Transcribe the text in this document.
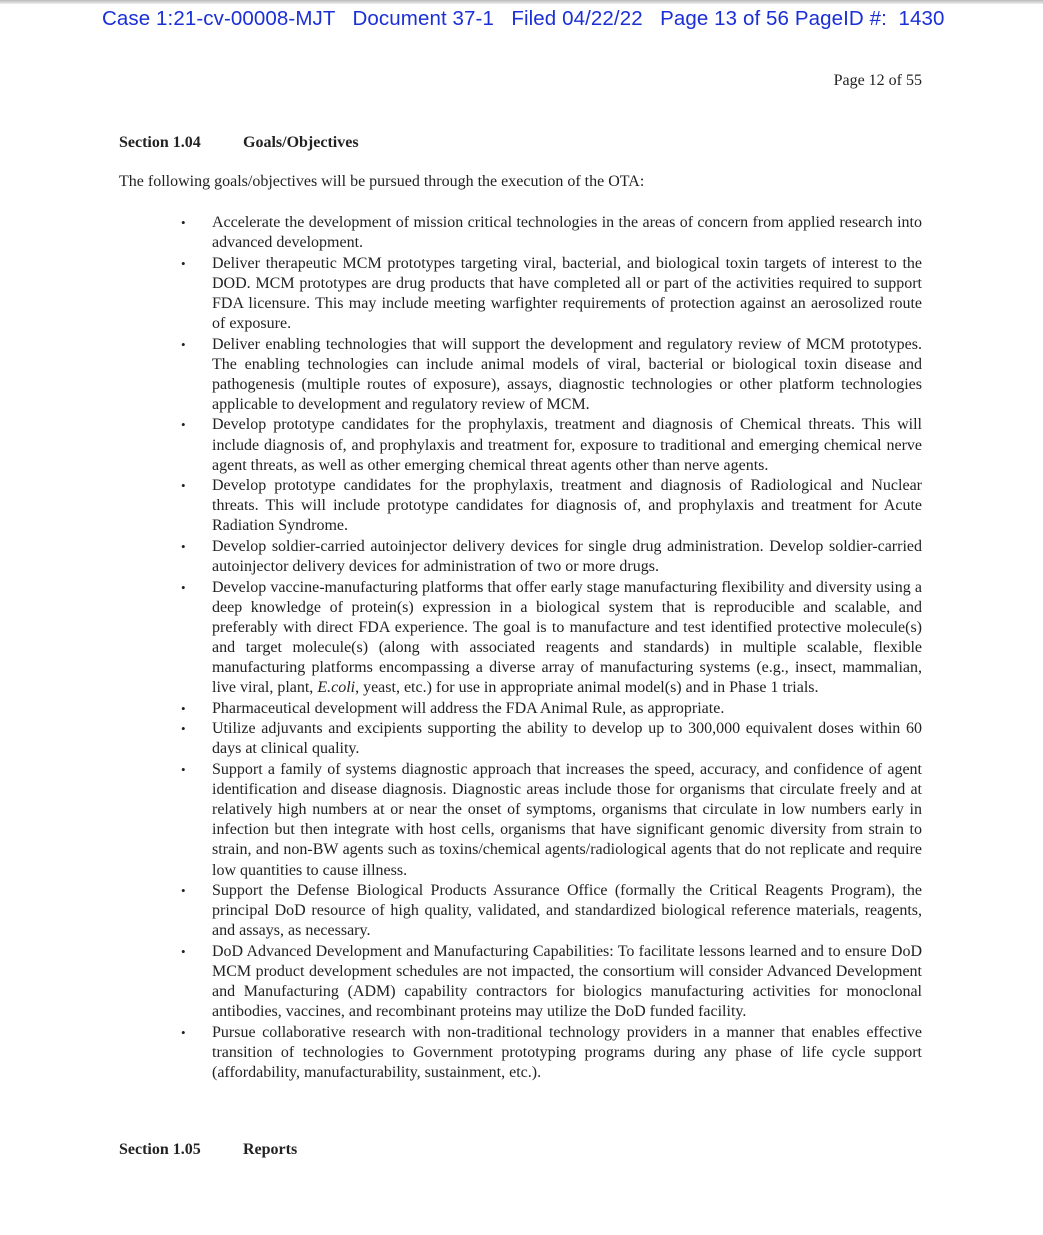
Case 1:21-cv-00008-MJT Document 37-1 Filed 04/22/22 Page 13 of 56 PageID #:  1430
Page 12 of 55
Section 1.04	Goals/Objectives
The following goals/objectives will be pursued through the execution of the OTA:
• Accelerate the development of mission critical technologies in the areas of concern from applied research into advanced development.
• Deliver therapeutic MCM prototypes targeting viral, bacterial, and biological toxin targets of interest to the DOD. MCM prototypes are drug products that have completed all or part of the activities required to support FDA licensure. This may include meeting warfighter requirements of protection against an aerosolized route of exposure.
• Deliver enabling technologies that will support the development and regulatory review of MCM prototypes. The enabling technologies can include animal models of viral, bacterial or biological toxin disease and pathogenesis (multiple routes of exposure), assays, diagnostic technologies or other platform technologies applicable to development and regulatory review of MCM.
• Develop prototype candidates for the prophylaxis, treatment and diagnosis of Chemical threats. This will include diagnosis of, and prophylaxis and treatment for, exposure to traditional and emerging chemical nerve agent threats, as well as other emerging chemical threat agents other than nerve agents.
• Develop prototype candidates for the prophylaxis, treatment and diagnosis of Radiological and Nuclear threats. This will include prototype candidates for diagnosis of, and prophylaxis and treatment for Acute Radiation Syndrome.
• Develop soldier-carried autoinjector delivery devices for single drug administration. Develop soldier-carried autoinjector delivery devices for administration of two or more drugs.
• Develop vaccine-manufacturing platforms that offer early stage manufacturing flexibility and diversity using a deep knowledge of protein(s) expression in a biological system that is reproducible and scalable, and preferably with direct FDA experience. The goal is to manufacture and test identified protective molecule(s) and target molecule(s) (along with associated reagents and standards) in multiple scalable, flexible manufacturing platforms encompassing a diverse array of manufacturing systems (e.g., insect, mammalian, live viral, plant, E.coli, yeast, etc.) for use in appropriate animal model(s) and in Phase 1 trials.
• Pharmaceutical development will address the FDA Animal Rule, as appropriate.
• Utilize adjuvants and excipients supporting the ability to develop up to 300,000 equivalent doses within 60 days at clinical quality.
• Support a family of systems diagnostic approach that increases the speed, accuracy, and confidence of agent identification and disease diagnosis. Diagnostic areas include those for organisms that circulate freely and at relatively high numbers at or near the onset of symptoms, organisms that circulate in low numbers early in infection but then integrate with host cells, organisms that have significant genomic diversity from strain to strain, and non-BW agents such as toxins/chemical agents/radiological agents that do not replicate and require low quantities to cause illness.
• Support the Defense Biological Products Assurance Office (formally the Critical Reagents Program), the principal DoD resource of high quality, validated, and standardized biological reference materials, reagents, and assays, as necessary.
• DoD Advanced Development and Manufacturing Capabilities: To facilitate lessons learned and to ensure DoD MCM product development schedules are not impacted, the consortium will consider Advanced Development and Manufacturing (ADM) capability contractors for biologics manufacturing activities for monoclonal antibodies, vaccines, and recombinant proteins may utilize the DoD funded facility.
• Pursue collaborative research with non-traditional technology providers in a manner that enables effective transition of technologies to Government prototyping programs during any phase of life cycle support (affordability, manufacturability, sustainment, etc.).
Section 1.05	Reports
